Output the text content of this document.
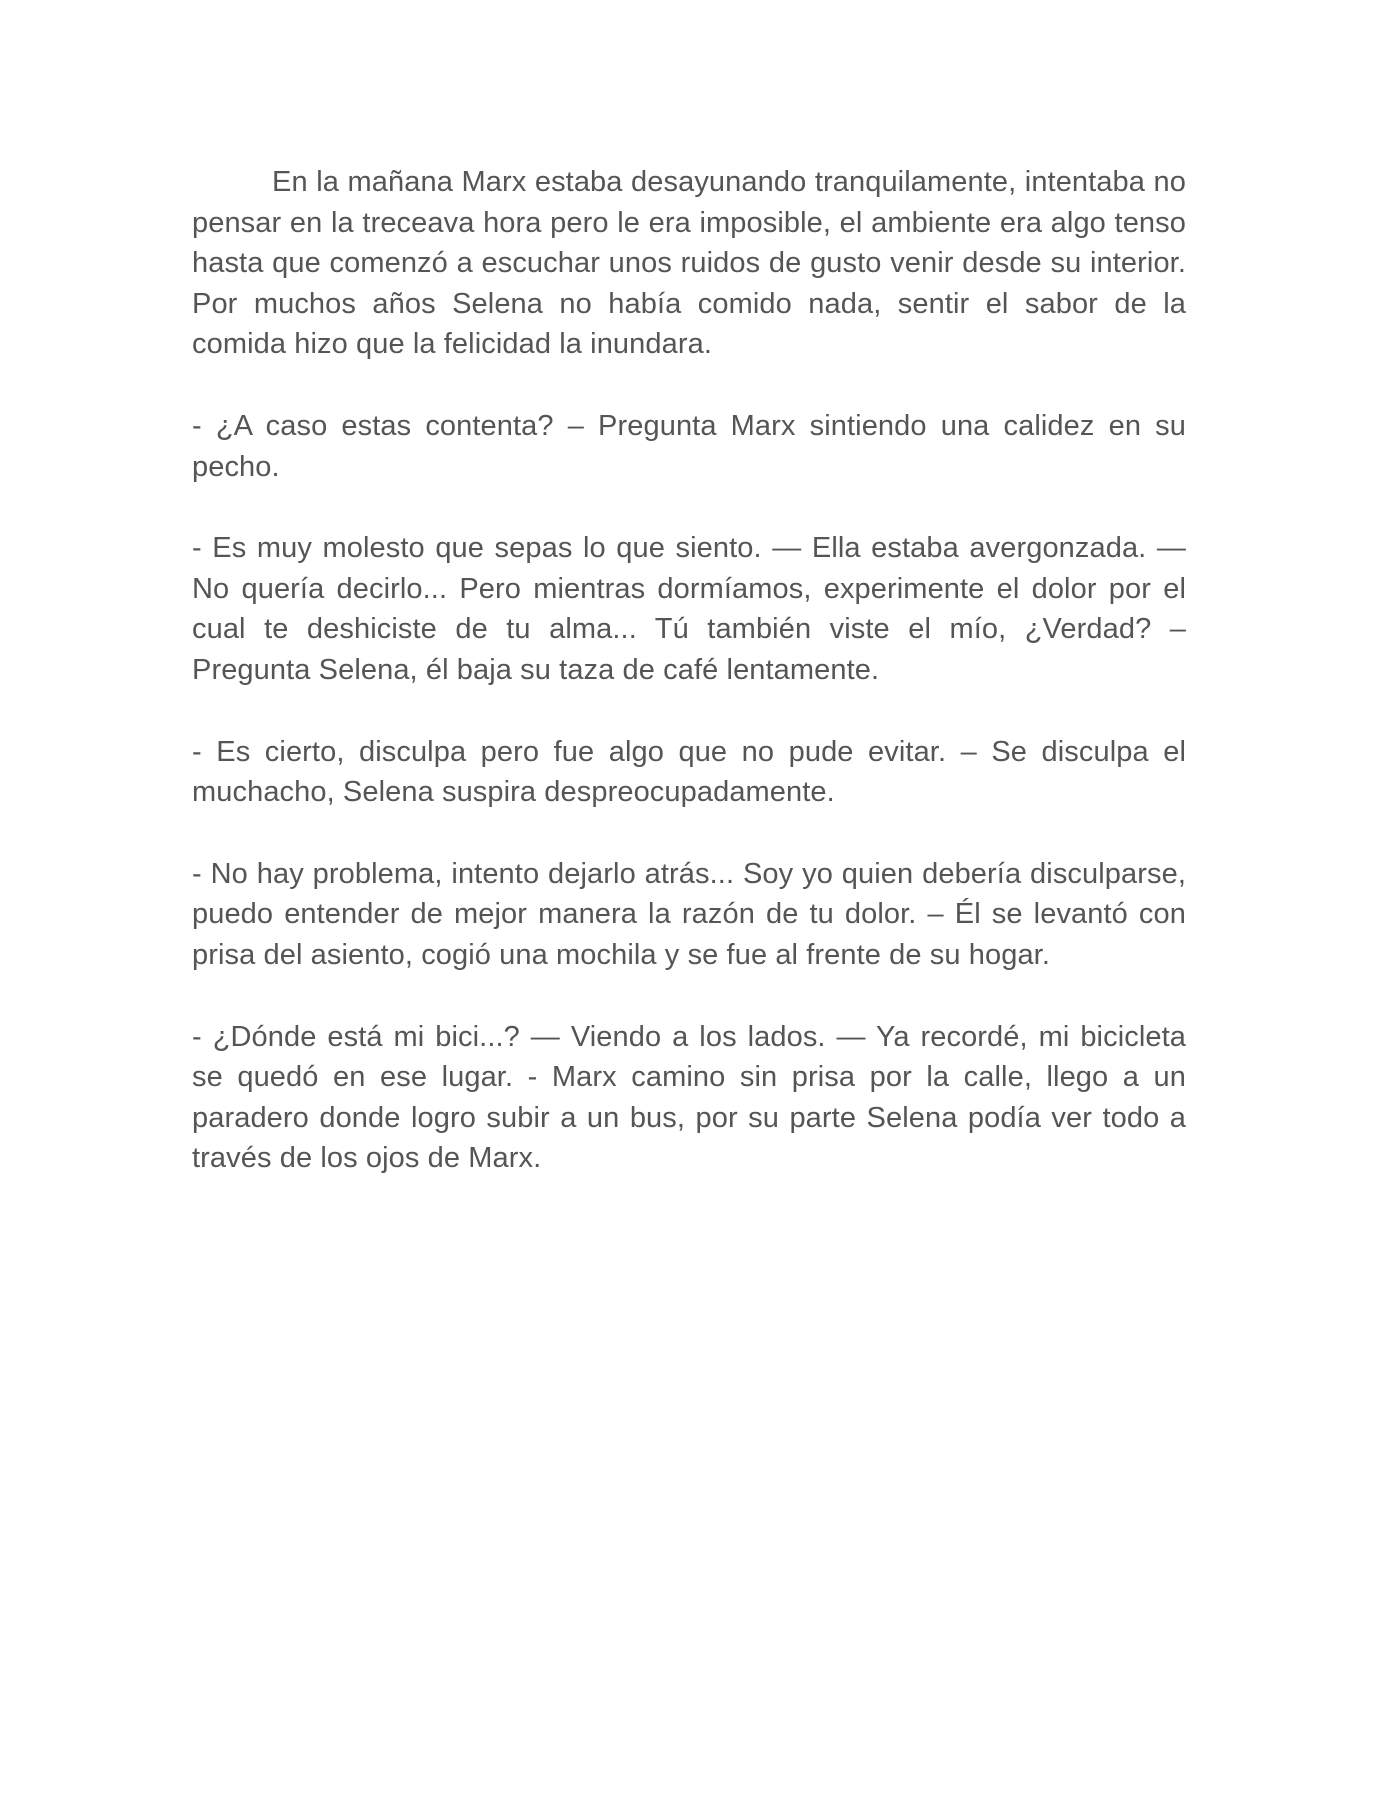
En la mañana Marx estaba desayunando tranquilamente, intentaba no pensar en la treceava hora pero le era imposible, el ambiente era algo tenso hasta que comenzó a escuchar unos ruidos de gusto venir desde su interior. Por muchos años Selena no había comido nada, sentir el sabor de la comida hizo que la felicidad la inundara.

- ¿A caso estas contenta? – Pregunta Marx sintiendo una calidez en su pecho.

- Es muy molesto que sepas lo que siento. — Ella estaba avergonzada. — No quería decirlo... Pero mientras dormíamos, experimente el dolor por el cual te deshiciste de tu alma... Tú también viste el mío, ¿Verdad? – Pregunta Selena, él baja su taza de café lentamente.

- Es cierto, disculpa pero fue algo que no pude evitar. – Se disculpa el muchacho, Selena suspira despreocupadamente.

- No hay problema, intento dejarlo atrás... Soy yo quien debería disculparse, puedo entender de mejor manera la razón de tu dolor. – Él se levantó con prisa del asiento, cogió una mochila y se fue al frente de su hogar.

- ¿Dónde está mi bici...? — Viendo a los lados. — Ya recordé, mi bicicleta se quedó en ese lugar. - Marx camino sin prisa por la calle, llego a un paradero donde logro subir a un bus, por su parte Selena podía ver todo a través de los ojos de Marx.
